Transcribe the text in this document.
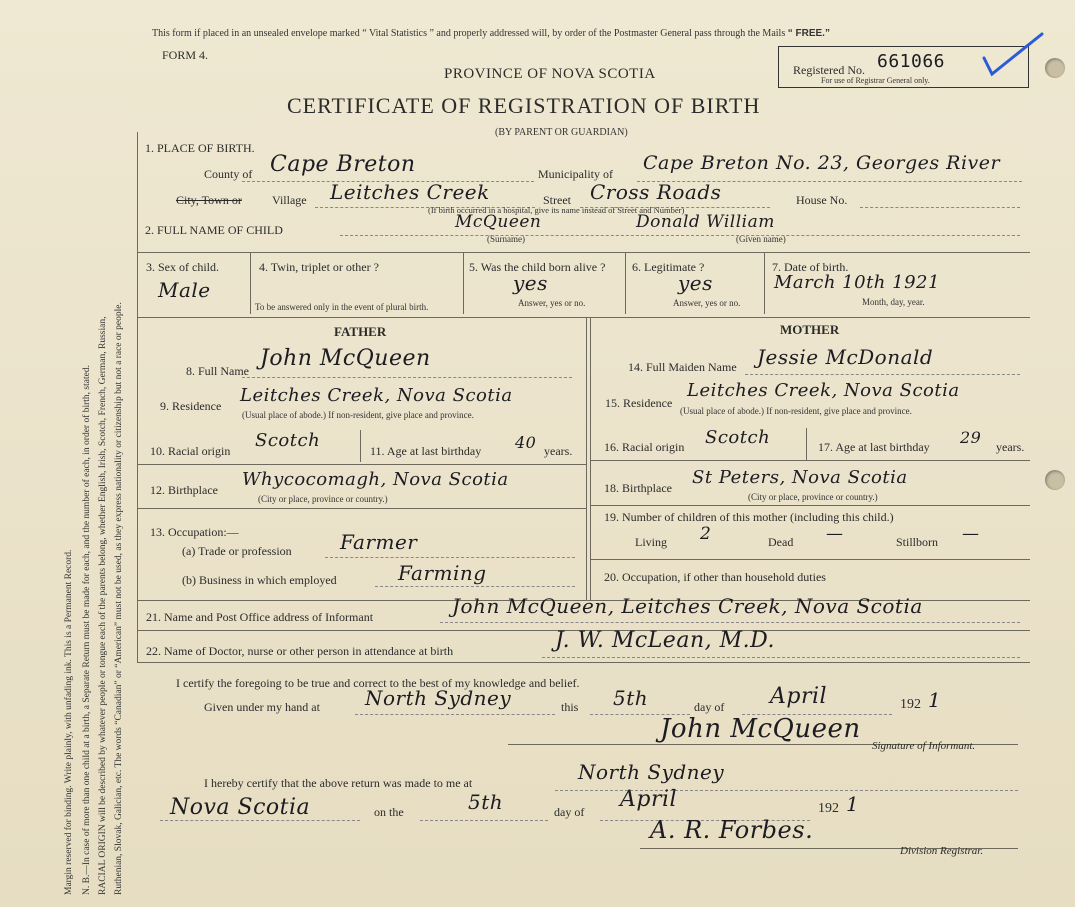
Margin reserved for binding. Write plainly, with unfading ink. This is a Permanent Record. N. B.—In case of more than one child at a birth, a Separate Return must be made for each, and the number of each, in order of birth, stated. RACIAL ORIGIN will be described by whatever people or tongue each of the parents belong, whether English, Irish, Scotch, French, German, Russian, Ruthenian, Slovak, Galician, etc. The words “Canadian” or “American” must not be used, as they express nationality or citizenship but not a race or people.
This form if placed in an unsealed envelope marked “ Vital Statistics ” and properly addressed will, by order of the Postmaster General pass through the Mails “ FREE.”
FORM 4.
PROVINCE OF NOVA SCOTIA
CERTIFICATE OF REGISTRATION OF BIRTH
(BY PARENT OR GUARDIAN)
Registered No. 661066
For use of Registrar General only.
1. PLACE OF BIRTH.
County of Cape Breton	Municipality of Cape Breton No. 23, Georges River
City, Town or	Village Leitches Creek	Street Cross Roads	House No.
(If birth occurred in a hospital, give its name instead of Street and Number)
2. FULL NAME OF CHILD	McQueen
(Surname)
Donald William
(Given name)
3. Sex of child.
Male
4. Twin, triplet or other ?
To be answered only in the event of plural birth.
5. Was the child born alive ?
yes
Answer, yes or no.
6. Legitimate ?
yes
Answer, yes or no.
7. Date of birth.
March 10th 1921
Month, day, year.
FATHER	MOTHER
8. Full Name John McQueen
9. Residence Leitches Creek, Nova Scotia
(Usual place of abode.) If non-resident, give place and province.
10. Racial origin Scotch	11. Age at last birthday 40 years.
12. Birthplace Whycocomagh, Nova Scotia
(City or place, province or country.)
13. Occupation:—
(a) Trade or profession Farmer
(b) Business in which employed	Farming
14. Full Maiden Name Jessie McDonald
15. Residence
Leitches Creek, Nova Scotia
(Usual place of abode.) If non-resident, give place and province.
16. Racial origin Scotch	17. Age at last birthday 29 years.
18. Birthplace St Peters, Nova Scotia
(City or place, province or country.)
19. Number of children of this mother (including this child.)
Living 2	Dead —	Stillborn —
20. Occupation, if other than household duties
21. Name and Post Office address of Informant	John McQueen, Leitches Creek, Nova Scotia
22. Name of Doctor, nurse or other person in attendance at birth	J. W. McLean, M.D.
I certify the foregoing to be true and correct to the best of my knowledge and belief.
Given under my hand at North Sydney	this 5th	day of April	192 1
John McQueen
Signature of Informant.
I hereby certify that the above return was made to me at	North Sydney
Nova Scotia	on the	5th	day of April	192 1
A. R. Forbes.
Division Registrar.
